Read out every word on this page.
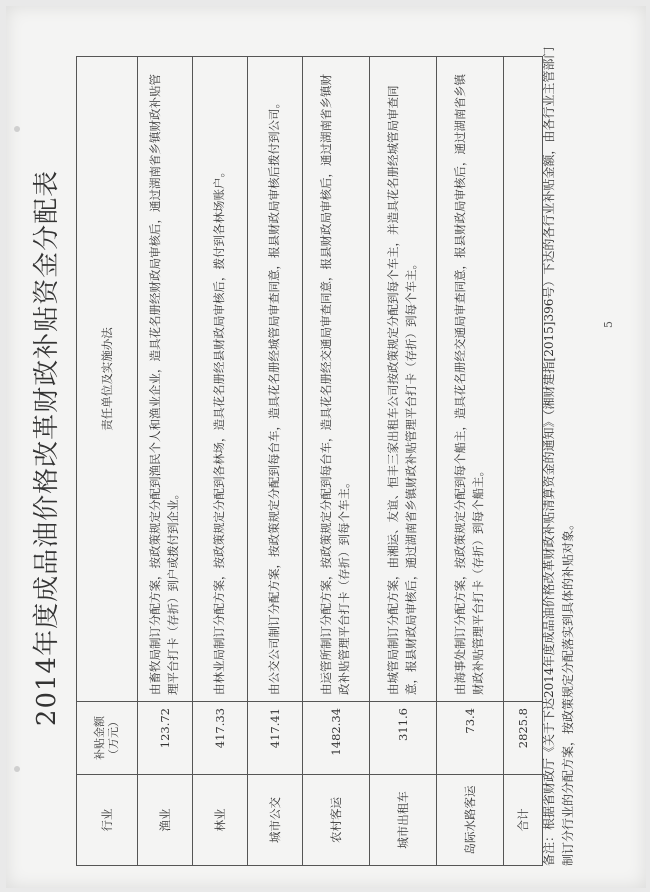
2014年度成品油价格改革财政补贴资金分配表
行业	补贴金额（万元）	责任单位及实施办法
渔业	123.72	由畜牧局制订分配方案，按政策规定分配到渔民个人和渔业企业，造具花名册经财政局审核后，通过湖南省乡镇财政补贴管理平台打卡（存折）到户或拨付到企业。
林业	417.33	由林业局制订分配方案，按政策规定分配到各林场，造具花名册经县财政局审核后，拨付到各林场账户。
城市公交	417.41	由公交公司制订分配方案，按政策规定分配到每台车，造具花名册经城管局审查同意，报县财政局审核后拨付到公司。
农村客运	1482.34	由运管所制订分配方案，按政策规定分配到每台车，造具花名册经交通局审查同意，报县财政局审核后，通过湖南省乡镇财政补贴管理平台打卡（存折）到每个车主。
城市出租车	311.6	由城管局制订分配方案，由湘运、友谊、恒丰三家出租车公司按政策规定分配到每个车主，并造具花名册经城管局审查同意，报县财政局审核后，通过湖南省乡镇财政补贴管理平台打卡（存折）到每个车主。
岛际水路客运	73.4	由海事处制订分配方案，按政策规定分配到每个船主，造具花名册经交通局审查同意，报县财政局审核后，通过湖南省乡镇财政补贴管理平台打卡（存折）到每个船主。
合计	2825.8	备注：根据省财政厅《关于下达2014年度成品油价格改革财政补贴清算资金的通知》（湘财建指[2015]396号）下达的各行业补贴金额，由各行业主管部门制订分行业的分配方案，按政策规定分配落实到具体的补贴对象。
5
